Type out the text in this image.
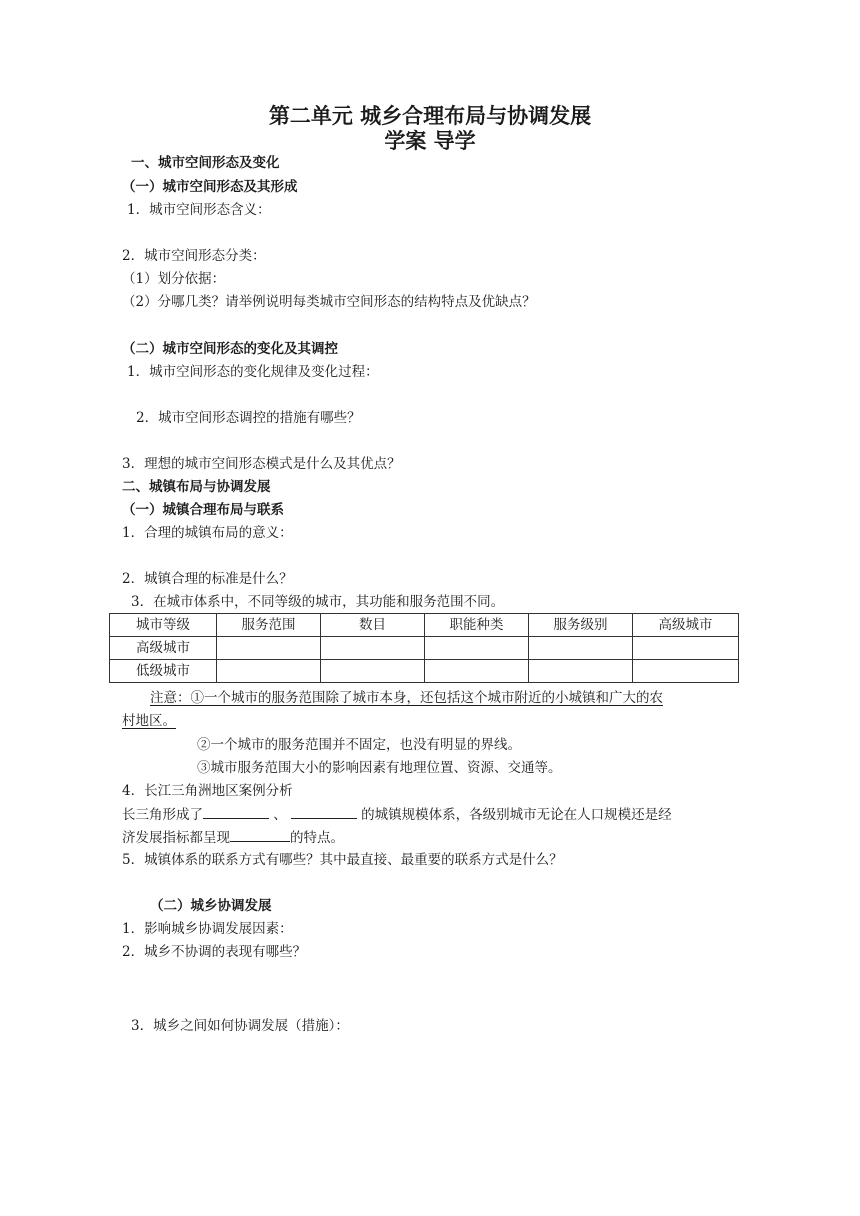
第二单元 城乡合理布局与协调发展
学案 导学
一、城市空间形态及变化
（一）城市空间形态及其形成
1．城市空间形态含义：
2．城市空间形态分类：
（1）划分依据：
（2）分哪几类？请举例说明每类城市空间形态的结构特点及优缺点？
（二）城市空间形态的变化及其调控
1．城市空间形态的变化规律及变化过程：
2．城市空间形态调控的措施有哪些？
3．理想的城市空间形态模式是什么及其优点？
二、城镇布局与协调发展
（一）城镇合理布局与联系
1．合理的城镇布局的意义：
2．城镇合理的标准是什么？
3．在城市体系中，不同等级的城市，其功能和服务范围不同。
城市等级	服务范围	数目	职能种类	服务级别	高级城市
高级城市					
低级城市					
注意：①一个城市的服务范围除了城市本身，还包括这个城市附近的小城镇和广大的农
村地区。
②一个城市的服务范围并不固定，也没有明显的界线。
③城市服务范围大小的影响因素有地理位置、资源、交通等。
4．长江三角洲地区案例分析
长三角形成了	、	的城镇规模体系，各级别城市无论在人口规模还是经
济发展指标都呈现	的特点。
5．城镇体系的联系方式有哪些？其中最直接、最重要的联系方式是什么？
（二）城乡协调发展
1．影响城乡协调发展因素：
2．城乡不协调的表现有哪些？
3．城乡之间如何协调发展（措施）：
